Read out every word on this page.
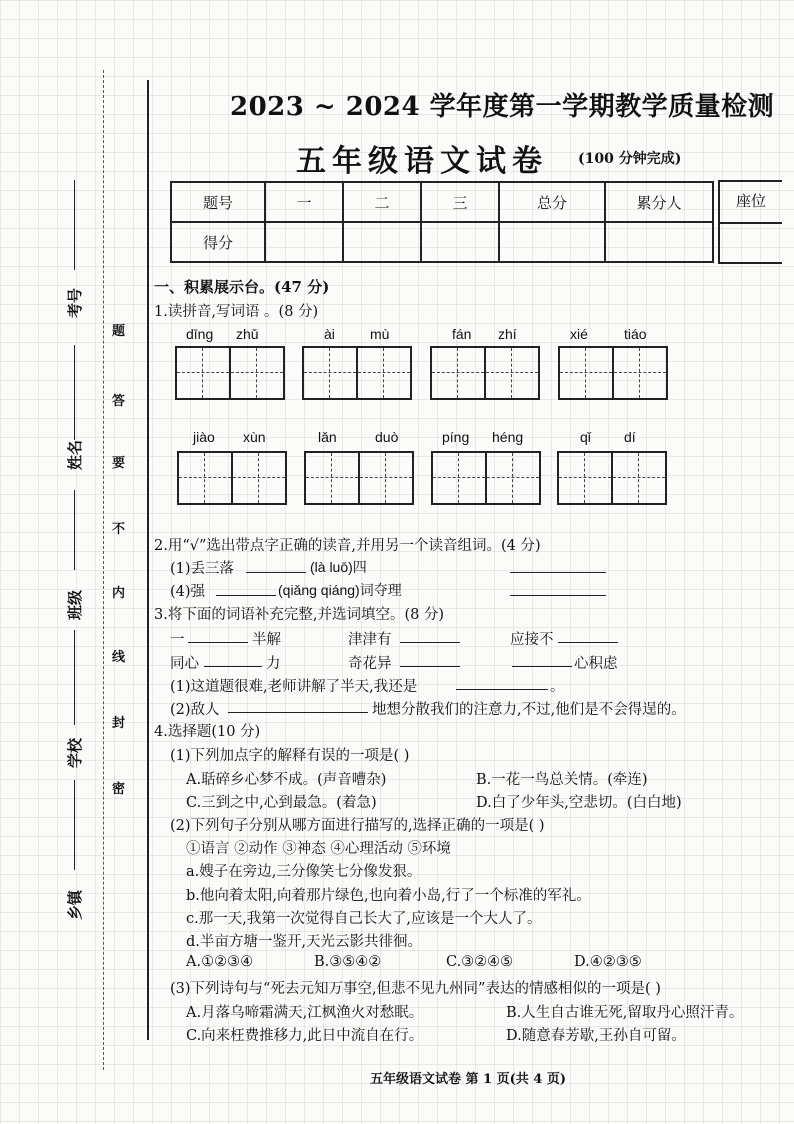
考号
姓名
班级
学校
乡镇
题
答
要
不
内
线
封
密
2023 ~ 2024 学年度第一学期教学质量检测
五年级语文试卷 (100 分钟完成)
题号	一	二	三	总分	累分人
得分					
座位
一、积累展示台。(47 分)
1.读拼音,写词语 。(8 分)
dīng zhǔ	ài	mù	fán zhí	xié	tiáo
jiào xùn	lǎn	duò	píng héng	qǐ dí
2.用“√”选出带点字正确的读音,并用另一个读音组词。(4 分)
(1)丢三落	(là luō)四
(4)强	(qiǎng qiáng)词夺理
3.将下面的词语补充完整,并选词填空。(8 分)
一	半解	津津有	应接不
同心	力	奇花异	心积虑
(1)这道题很难,老师讲解了半天,我还是	。
(2)敌人	地想分散我们的注意力,不过,他们是不会得逞的。
4.选择题(10 分)
(1)下列加点字的解释有误的一项是( )
A.聒碎乡心梦不成。(声音嘈杂)	B.一花一鸟总关情。(牵连)
C.三到之中,心到最急。(着急)	D.白了少年头,空悲切。(白白地)
(2)下列句子分别从哪方面进行描写的,选择正确的一项是( )
①语言 ②动作 ③神态 ④心理活动 ⑤环境
a.嫂子在旁边,三分像笑七分像发狠。
b.他向着太阳,向着那片绿色,也向着小岛,行了一个标准的军礼。
c.那一天,我第一次觉得自己长大了,应该是一个大人了。
d.半亩方塘一鉴开,天光云影共徘徊。
A.①②③④	B.③⑤④②	C.③②④⑤	D.④②③⑤
(3)下列诗句与“死去元知万事空,但悲不见九州同”表达的情感相似的一项是( )
A.月落乌啼霜满天,江枫渔火对愁眠。	B.人生自古谁无死,留取丹心照汗青。
C.向来枉费推移力,此日中流自在行。	D.随意春芳歇,王孙自可留。
五年级语文试卷 第 1 页(共 4 页)
